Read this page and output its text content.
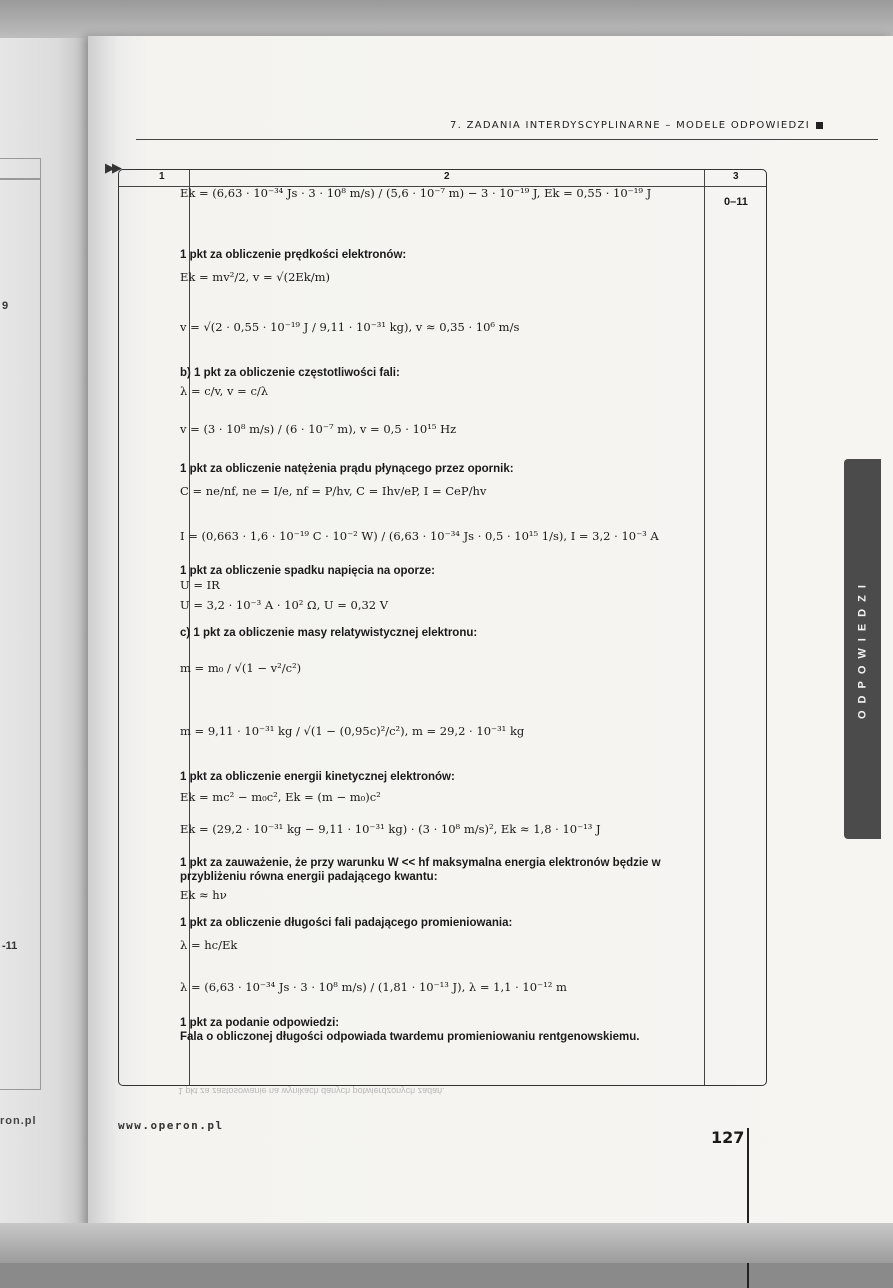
9
-11
ron.pl
7. ZADANIA INTERDYSCYPLINARNE – MODELE ODPOWIEDZI
▶▶
1	2	3
0–11
Ek = (6,63 · 10⁻³⁴ Js · 3 · 10⁸ m/s) / (5,6 · 10⁻⁷ m) − 3 · 10⁻¹⁹ J, Ek = 0,55 · 10⁻¹⁹ J
1 pkt za obliczenie prędkości elektronów:
Ek = mv²/2, v = √(2Ek/m)
v = √(2 · 0,55 · 10⁻¹⁹ J / 9,11 · 10⁻³¹ kg), v ≈ 0,35 · 10⁶ m/s
b) 1 pkt za obliczenie częstotliwości fali:
λ = c/v, v = c/λ
v = (3 · 10⁸ m/s) / (6 · 10⁻⁷ m), v = 0,5 · 10¹⁵ Hz
1 pkt za obliczenie natężenia prądu płynącego przez opornik:
C = ne/nf, ne = I/e, nf = P/hv, C = Ihv/eP, I = CeP/hv
I = (0,663 · 1,6 · 10⁻¹⁹ C · 10⁻² W) / (6,63 · 10⁻³⁴ Js · 0,5 · 10¹⁵ 1/s), I = 3,2 · 10⁻³ A
1 pkt za obliczenie spadku napięcia na oporze:
U = IR
U = 3,2 · 10⁻³ A · 10² Ω, U = 0,32 V
c) 1 pkt za obliczenie masy relatywistycznej elektronu:
m = m₀ / √(1 − v²/c²)
m = 9,11 · 10⁻³¹ kg / √(1 − (0,95c)²/c²), m = 29,2 · 10⁻³¹ kg
1 pkt za obliczenie energii kinetycznej elektronów:
Ek = mc² − m₀c², Ek = (m − m₀)c²
Ek = (29,2 · 10⁻³¹ kg − 9,11 · 10⁻³¹ kg) · (3 · 10⁸ m/s)², Ek ≈ 1,8 · 10⁻¹³ J
1 pkt za zauważenie, że przy warunku W << hf maksymalna energia elektronów będzie w przybliżeniu równa energii padającego kwantu:
Ek ≈ hν
1 pkt za obliczenie długości fali padającego promieniowania:
λ = hc/Ek
λ = (6,63 · 10⁻³⁴ Js · 3 · 10⁸ m/s) / (1,81 · 10⁻¹³ J), λ = 1,1 · 10⁻¹² m
1 pkt za podanie odpowiedzi:
Fala o obliczonej długości odpowiada twardemu promieniowaniu rentgenowskiemu.
1 pkt za zastosowanie na wynikach danych potwierdzonych zadań.
ODPOWIEDZI
www.operon.pl
127
